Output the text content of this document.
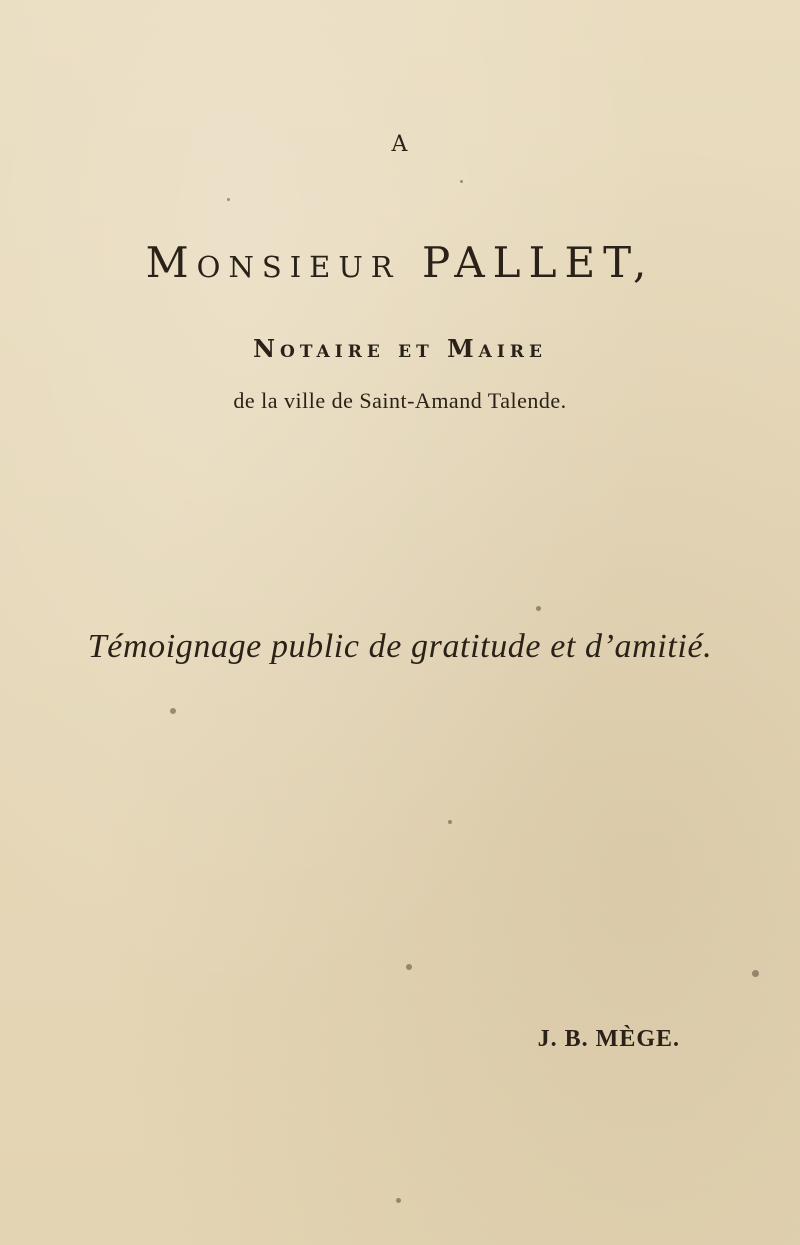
A

Monsieur PALLET,

Notaire et Maire

de la ville de Saint-Amand Talende.

Témoignage public de gratitude et d’amitié.

J. B. MÈGE.
